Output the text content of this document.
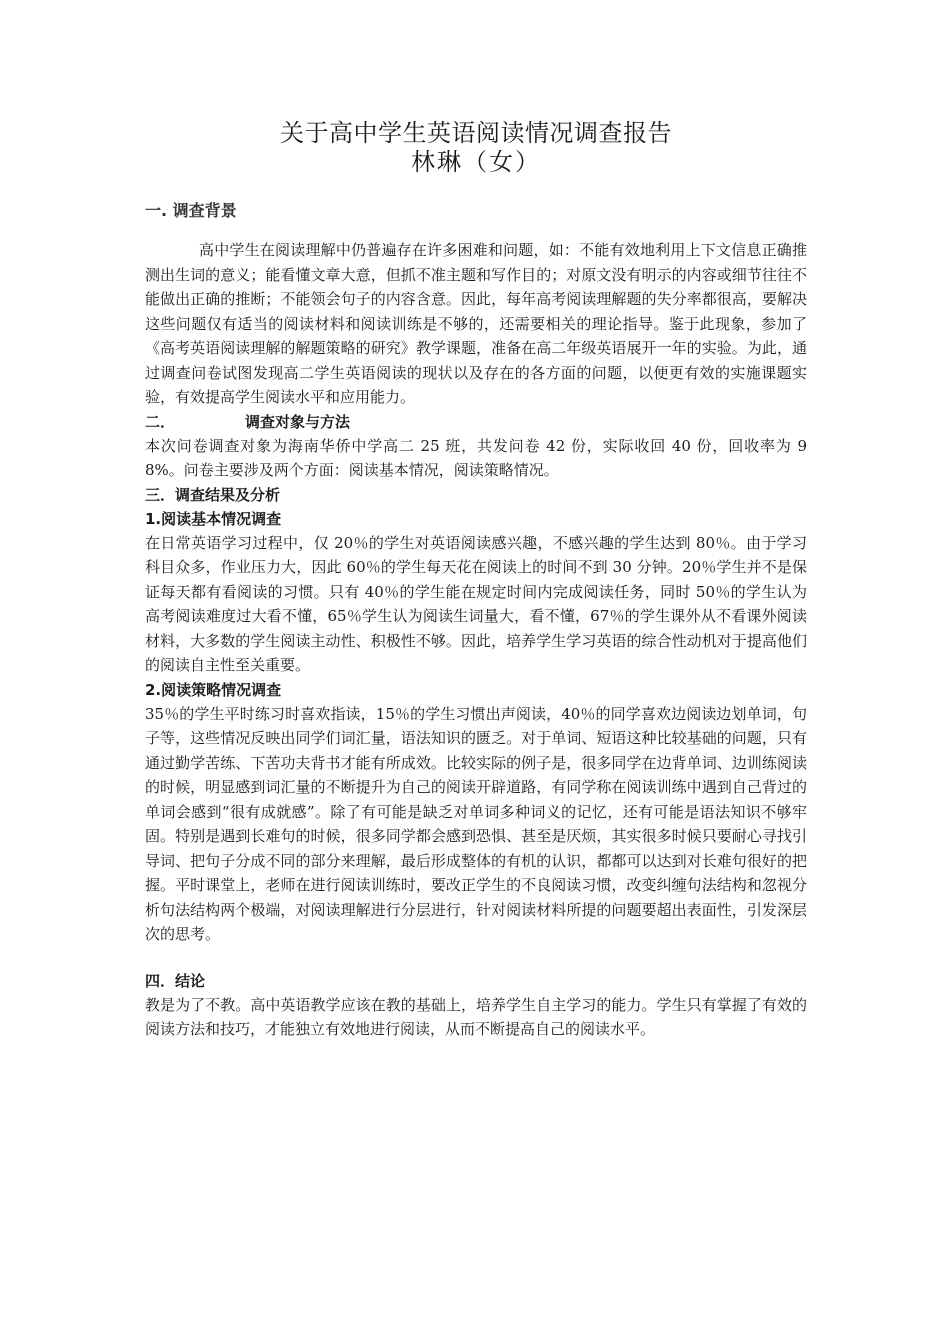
关于高中学生英语阅读情况调查报告
林琳（女）
一. 调查背景

高中学生在阅读理解中仍普遍存在许多困难和问题，如：不能有效地利用上下文信息正确推测出生词的意义；能看懂文章大意，但抓不准主题和写作目的；对原文没有明示的内容或细节往往不能做出正确的推断；不能领会句子的内容含意。因此，每年高考阅读理解题的失分率都很高，要解决这些问题仅有适当的阅读材料和阅读训练是不够的，还需要相关的理论指导。鉴于此现象，参加了《高考英语阅读理解的解题策略的研究》教学课题，准备在高二年级英语展开一年的实验。为此，通过调查问卷试图发现高二学生英语阅读的现状以及存在的各方面的问题，以便更有效的实施课题实验，有效提高学生阅读水平和应用能力。

二．	调查对象与方法

本次问卷调查对象为海南华侨中学高二 25 班，共发问卷 42 份，实际收回 40 份，回收率为 98%。问卷主要涉及两个方面：阅读基本情况，阅读策略情况。

三．调查结果及分析
1.阅读基本情况调查

在日常英语学习过程中，仅 20％的学生对英语阅读感兴趣，不感兴趣的学生达到 80％。由于学习科目众多，作业压力大，因此 60％的学生每天花在阅读上的时间不到 30 分钟。20％学生并不是保证每天都有看阅读的习惯。只有 40％的学生能在规定时间内完成阅读任务，同时 50％的学生认为高考阅读难度过大看不懂，65％学生认为阅读生词量大，看不懂，67％的学生课外从不看课外阅读材料，大多数的学生阅读主动性、积极性不够。因此，培养学生学习英语的综合性动机对于提高他们的阅读自主性至关重要。

2.阅读策略情况调查

35％的学生平时练习时喜欢指读，15％的学生习惯出声阅读，40％的同学喜欢边阅读边划单词，句子等，这些情况反映出同学们词汇量，语法知识的匮乏。对于单词、短语这种比较基础的问题，只有通过勤学苦练、下苦功夫背书才能有所成效。比较实际的例子是，很多同学在边背单词、边训练阅读的时候，明显感到词汇量的不断提升为自己的阅读开辟道路，有同学称在阅读训练中遇到自己背过的单词会感到“很有成就感”。除了有可能是缺乏对单词多种词义的记忆，还有可能是语法知识不够牢固。特别是遇到长难句的时候，很多同学都会感到恐惧、甚至是厌烦，其实很多时候只要耐心寻找引导词、把句子分成不同的部分来理解，最后形成整体的有机的认识，都都可以达到对长难句很好的把握。平时课堂上，老师在进行阅读训练时，要改正学生的不良阅读习惯，改变纠缠句法结构和忽视分析句法结构两个极端，对阅读理解进行分层进行，针对阅读材料所提的问题要超出表面性，引发深层次的思考。

四．结论

教是为了不教。高中英语教学应该在教的基础上，培养学生自主学习的能力。学生只有掌握了有效的阅读方法和技巧，才能独立有效地进行阅读，从而不断提高自己的阅读水平。
